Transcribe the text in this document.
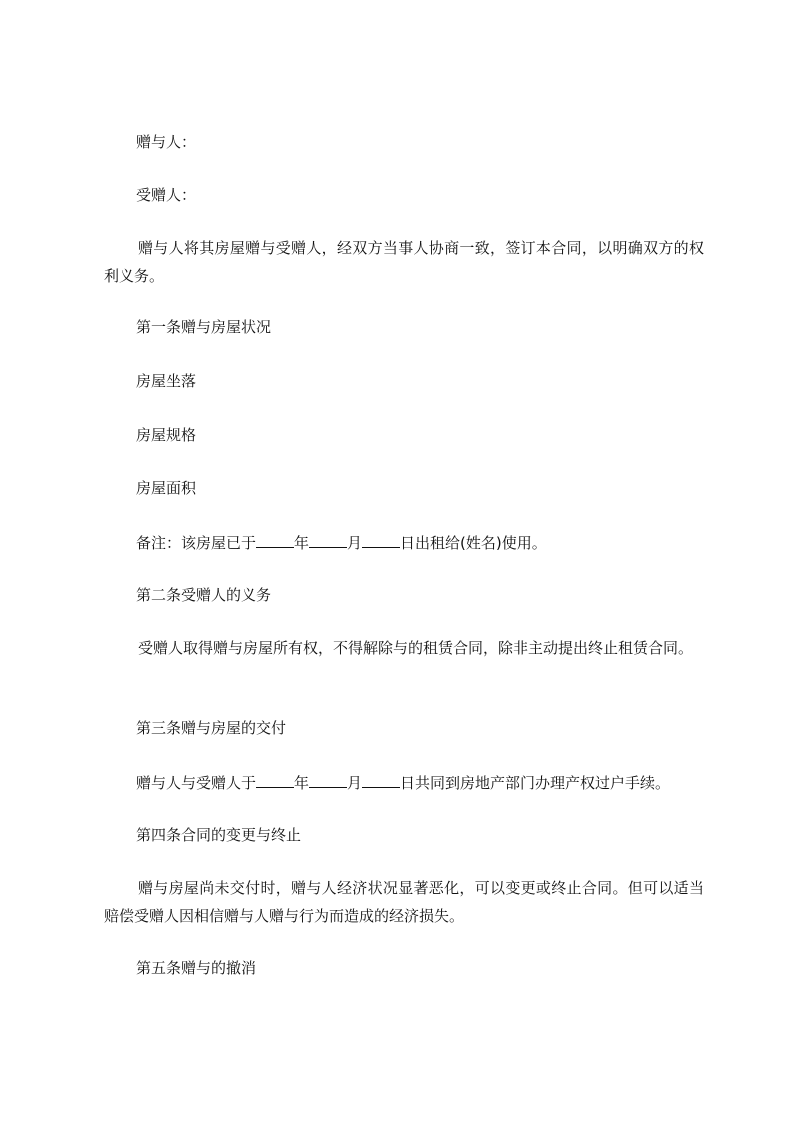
赠与人：
受赠人：
赠与人将其房屋赠与受赠人，经双方当事人协商一致，签订本合同，以明确双方的权利义务。
第一条赠与房屋状况
房屋坐落
房屋规格
房屋面积
备注：该房屋已于	年	月	日出租给(姓名)使用。
第二条受赠人的义务
受赠人取得赠与房屋所有权，不得解除与的租赁合同，除非主动提出终止租赁合同。
第三条赠与房屋的交付
赠与人与受赠人于	年	月	日共同到房地产部门办理产权过户手续。
第四条合同的变更与终止
赠与房屋尚未交付时，赠与人经济状况显著恶化，可以变更或终止合同。但可以适当赔偿受赠人因相信赠与人赠与行为而造成的经济损失。
第五条赠与的撤消
